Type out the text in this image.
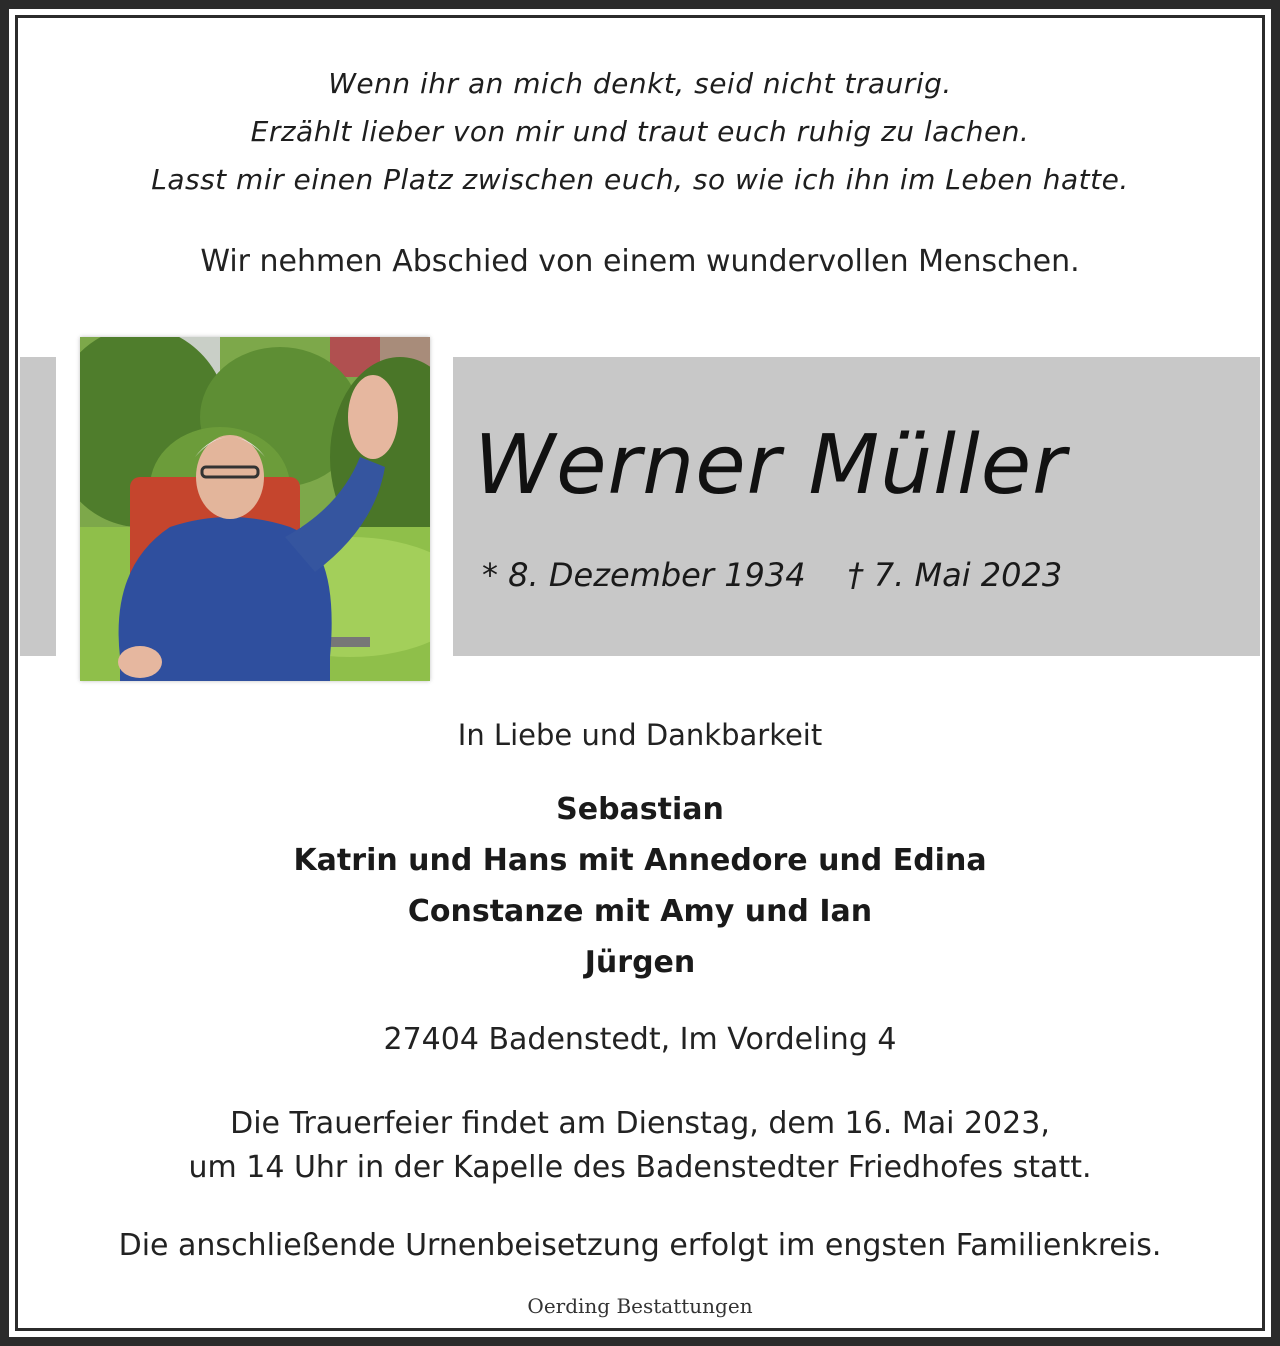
Wenn ihr an mich denkt, seid nicht traurig.
Erzählt lieber von mir und traut euch ruhig zu lachen.
Lasst mir einen Platz zwischen euch, so wie ich ihn im Leben hatte.
Wir nehmen Abschied von einem wundervollen Menschen.
Werner Müller
* 8. Dezember 1934 † 7. Mai 2023
In Liebe und Dankbarkeit
Sebastian
Katrin und Hans mit Annedore und Edina
Constanze mit Amy und Ian
Jürgen
27404 Badenstedt, Im Vordeling 4
Die Trauerfeier findet am Dienstag, dem 16. Mai 2023,
um 14 Uhr in der Kapelle des Badenstedter Friedhofes statt.
Die anschließende Urnenbeisetzung erfolgt im engsten Familienkreis.
Oerding Bestattungen
